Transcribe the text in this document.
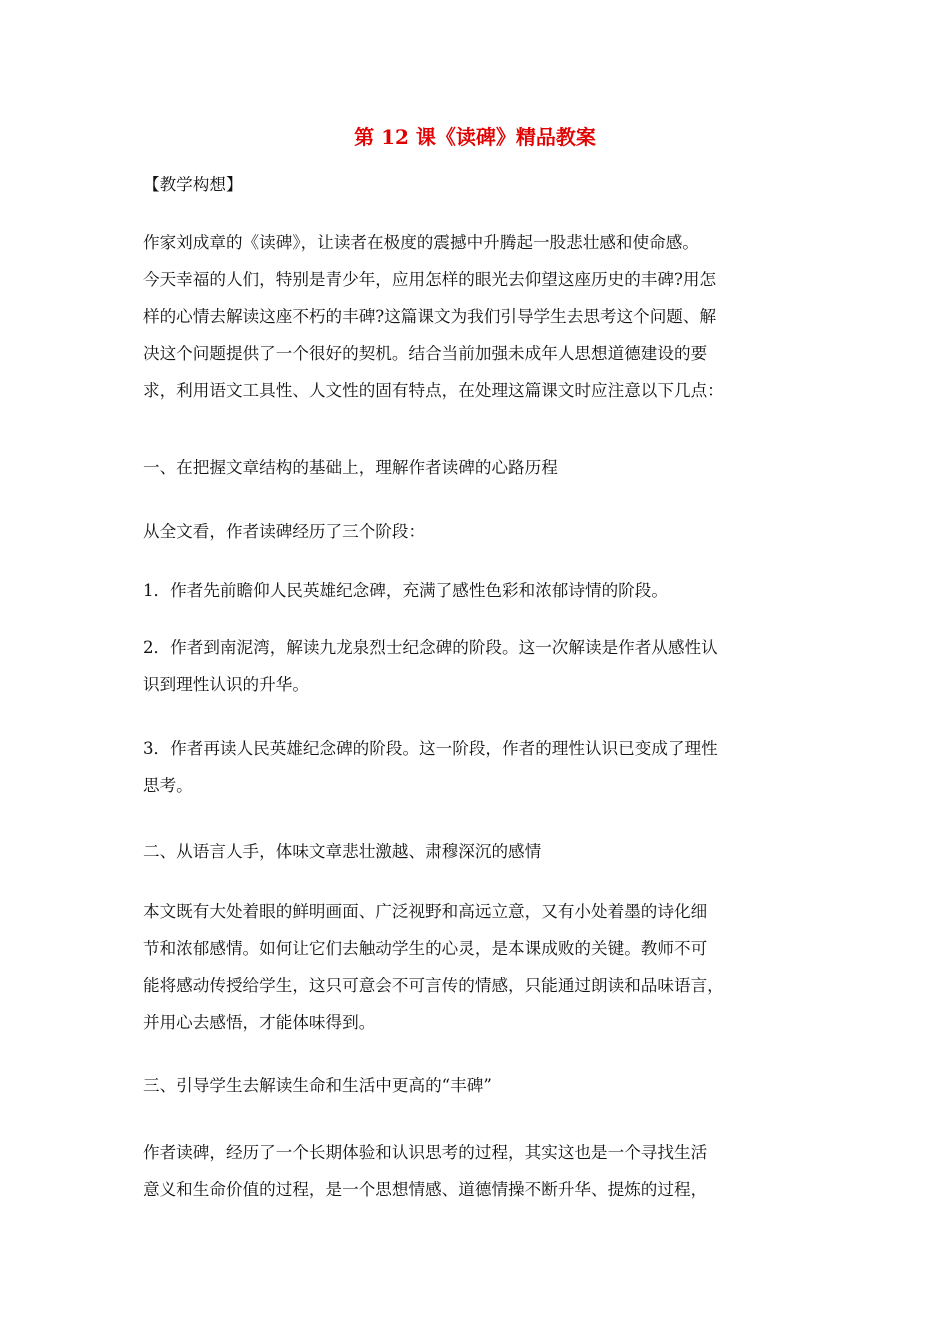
第 12 课《读碑》精品教案
【教学构想】
作家刘成章的《读碑》，让读者在极度的震撼中升腾起一股悲壮感和使命感。
今天幸福的人们，特别是青少年，应用怎样的眼光去仰望这座历史的丰碑?用怎
样的心情去解读这座不朽的丰碑?这篇课文为我们引导学生去思考这个问题、解
决这个问题提供了一个很好的契机。结合当前加强未成年人思想道德建设的要
求，利用语文工具性、人文性的固有特点，在处理这篇课文时应注意以下几点：
一、在把握文章结构的基础上，理解作者读碑的心路历程
从全文看，作者读碑经历了三个阶段：
1．作者先前瞻仰人民英雄纪念碑，充满了感性色彩和浓郁诗情的阶段。
2．作者到南泥湾，解读九龙泉烈士纪念碑的阶段。这一次解读是作者从感性认
识到理性认识的升华。
3．作者再读人民英雄纪念碑的阶段。这一阶段，作者的理性认识已变成了理性
思考。
二、从语言人手，体味文章悲壮激越、肃穆深沉的感情
本文既有大处着眼的鲜明画面、广泛视野和高远立意，又有小处着墨的诗化细
节和浓郁感情。如何让它们去触动学生的心灵，是本课成败的关键。教师不可
能将感动传授给学生，这只可意会不可言传的情感，只能通过朗读和品味语言，
并用心去感悟，才能体味得到。
三、引导学生去解读生命和生活中更高的“丰碑”
作者读碑，经历了一个长期体验和认识思考的过程，其实这也是一个寻找生活
意义和生命价值的过程，是一个思想情感、道德情操不断升华、提炼的过程，
